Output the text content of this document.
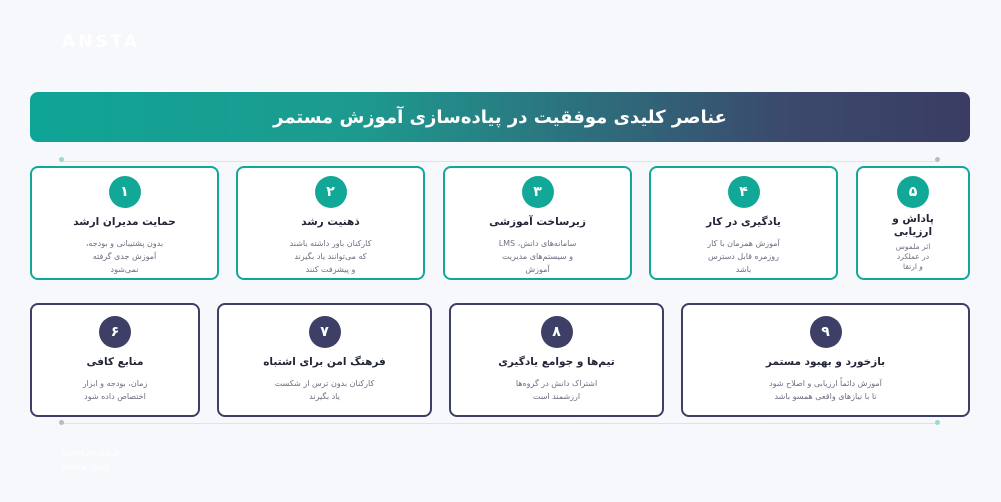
ANSTA
عناصر کلیدی موفقیت در پیاده‌سازی آموزش مستمر
۱
حمایت مدیران ارشد
بدون پشتیبانی و بودجه،
آموزش جدی گرفته
نمی‌شود
۲
ذهنیت رشد
کارکنان باور داشته باشند
که می‌توانند یاد بگیرند
و پیشرفت کنند
۳
زیرساخت آموزشی
سامانه‌های دانش، LMS
و سیستم‌های مدیریت
آموزش
۴
یادگیری در کار
آموزش همزمان با کار
روزمره قابل دسترس
باشد
۵
پاداش و ارزیابی
اثر ملموس
در عملکرد
و ارتقا
۶
منابع کافی
زمان، بودجه و ابزار
اختصاص داده شود
۷
فرهنگ امن برای اشتباه
کارکنان بدون ترس از شکست
یاد بگیرند
۸
تیم‌ها و جوامع یادگیری
اشتراک دانش در گروه‌ها
ارزشمند است
۹
بازخورد و بهبود مستمر
آموزش دائماً ارزیابی و اصلاح شود
تا با نیازهای واقعی همسو باشد
www.ansta.ir
@ansta_co
